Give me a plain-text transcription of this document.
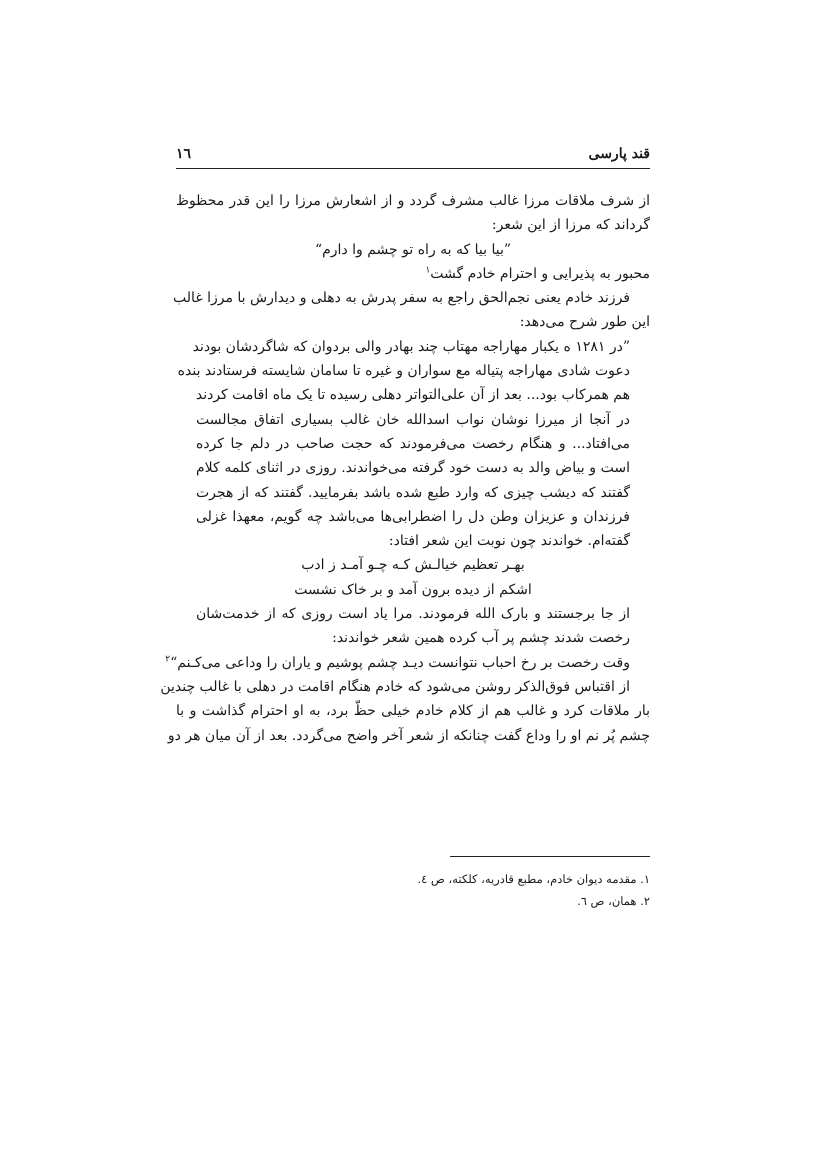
قند پارسی
١٦
از شرف ملاقات مرزا غالب مشرف گردد و از اشعارش مرزا را این قدر محظوظ
گرداند که مرزا از این شعر:
”بیا بیا که به راه تو چشم وا دارم“
محبور به پذیرایی و احترام خادم گشت$^١$
فرزند خادم یعنی نجم‌الحق راجع به سفر پدرش به دهلی و دیدارش با مرزا غالب
این طور شرح می‌دهد:
”در ١٢٨١ ه یکبار مهاراجه مهتاب چند بهادر والی بردوان که شاگردشان بودند
دعوت شادی مهاراجه پتیاله مع سواران و غیره تا سامان شایسته فرستادند بنده
هم همرکاب بود... بعد از آن علی‌التواتر دهلی رسیده تا یک ماه اقامت کردند
در آنجا از میرزا نوشان نواب اسدالله خان غالب بسیاری اتفاق مجالست
می‌افتاد... و هنگام رخصت می‌فرمودند که حجت صاحب در دلم جا کرده
است و بیاض والد به دست خود گرفته می‌خواندند. روزی در اثنای کلمه کلام
گفتند که دیشب چیزی که وارد طبع شده باشد بفرمایید. گفتند که از هجرت
فرزندان و عزیزان وطن دل را اضطرابی‌ها می‌باشد چه گویم، معهذا غزلی
گفته‌ام. خواندند چون نوبت این شعر افتاد:
بهـر تعظیم خیالـش کـه چـو آمـد ز ادب
اشکم از دیده برون آمد و بر خاک نشست
از جا برجستند و بارک الله فرمودند. مرا یاد است روزی که از خدمت‌شان
رخصت شدند چشم پر آب کرده همین شعر خواندند:
وقت رخصت بر رخ احباب نتوانست دیـد چشم پوشیم و یاران را وداعی می‌کـنم“$^٢$
از اقتباس فوق‌الذکر روشن می‌شود که خادم هنگام اقامت در دهلی با غالب چندین
بار ملاقات کرد و غالب هم از کلام خادم خیلی حظّ برد، به او احترام گذاشت و با
چشم پُر نم او را وداع گفت چنانکه از شعر آخر واضح می‌گردد. بعد از آن میان هر دو
١. مقدمه دیوان خادم، مطبع قادریه، کلکته، ص ٤.
٢. همان، ص ٦.
